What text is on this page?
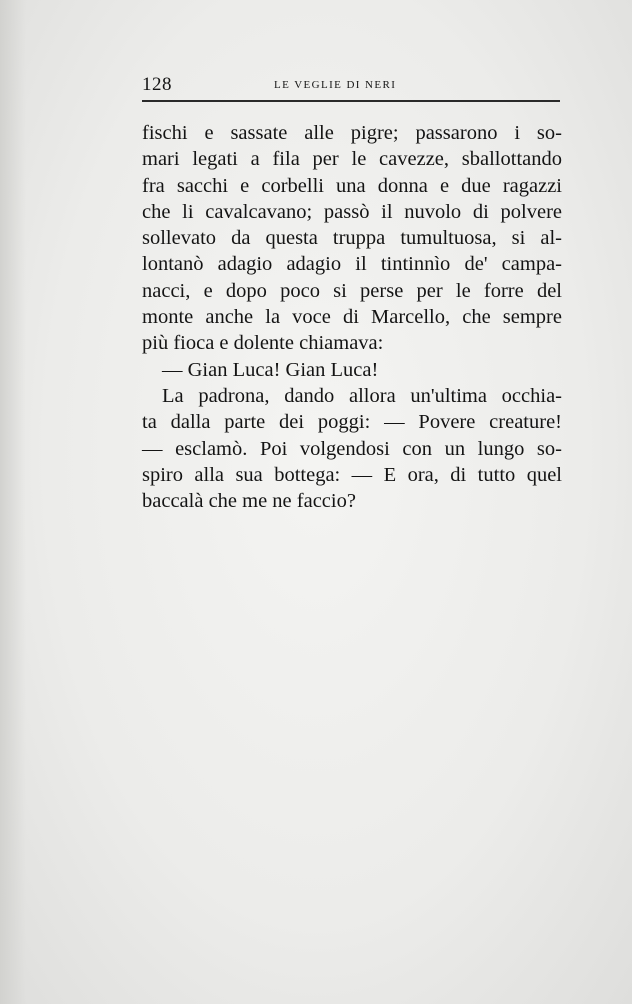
128	LE VEGLIE DI NERI
fischi e sassate alle pigre; passarono i so-
mari legati a fila per le cavezze, sballottando
fra sacchi e corbelli una donna e due ragazzi
che li cavalcavano; passò il nuvolo di polvere
sollevato da questa truppa tumultuosa, si al-
lontanò adagio adagio il tintinnìo de' campa-
nacci, e dopo poco si perse per le forre del
monte anche la voce di Marcello, che sempre
più fioca e dolente chiamava:
— Gian Luca! Gian Luca!
La padrona, dando allora un'ultima occhia-
ta dalla parte dei poggi: — Povere creature!
— esclamò. Poi volgendosi con un lungo so-
spiro alla sua bottega: — E ora, di tutto quel
baccalà che me ne faccio?
